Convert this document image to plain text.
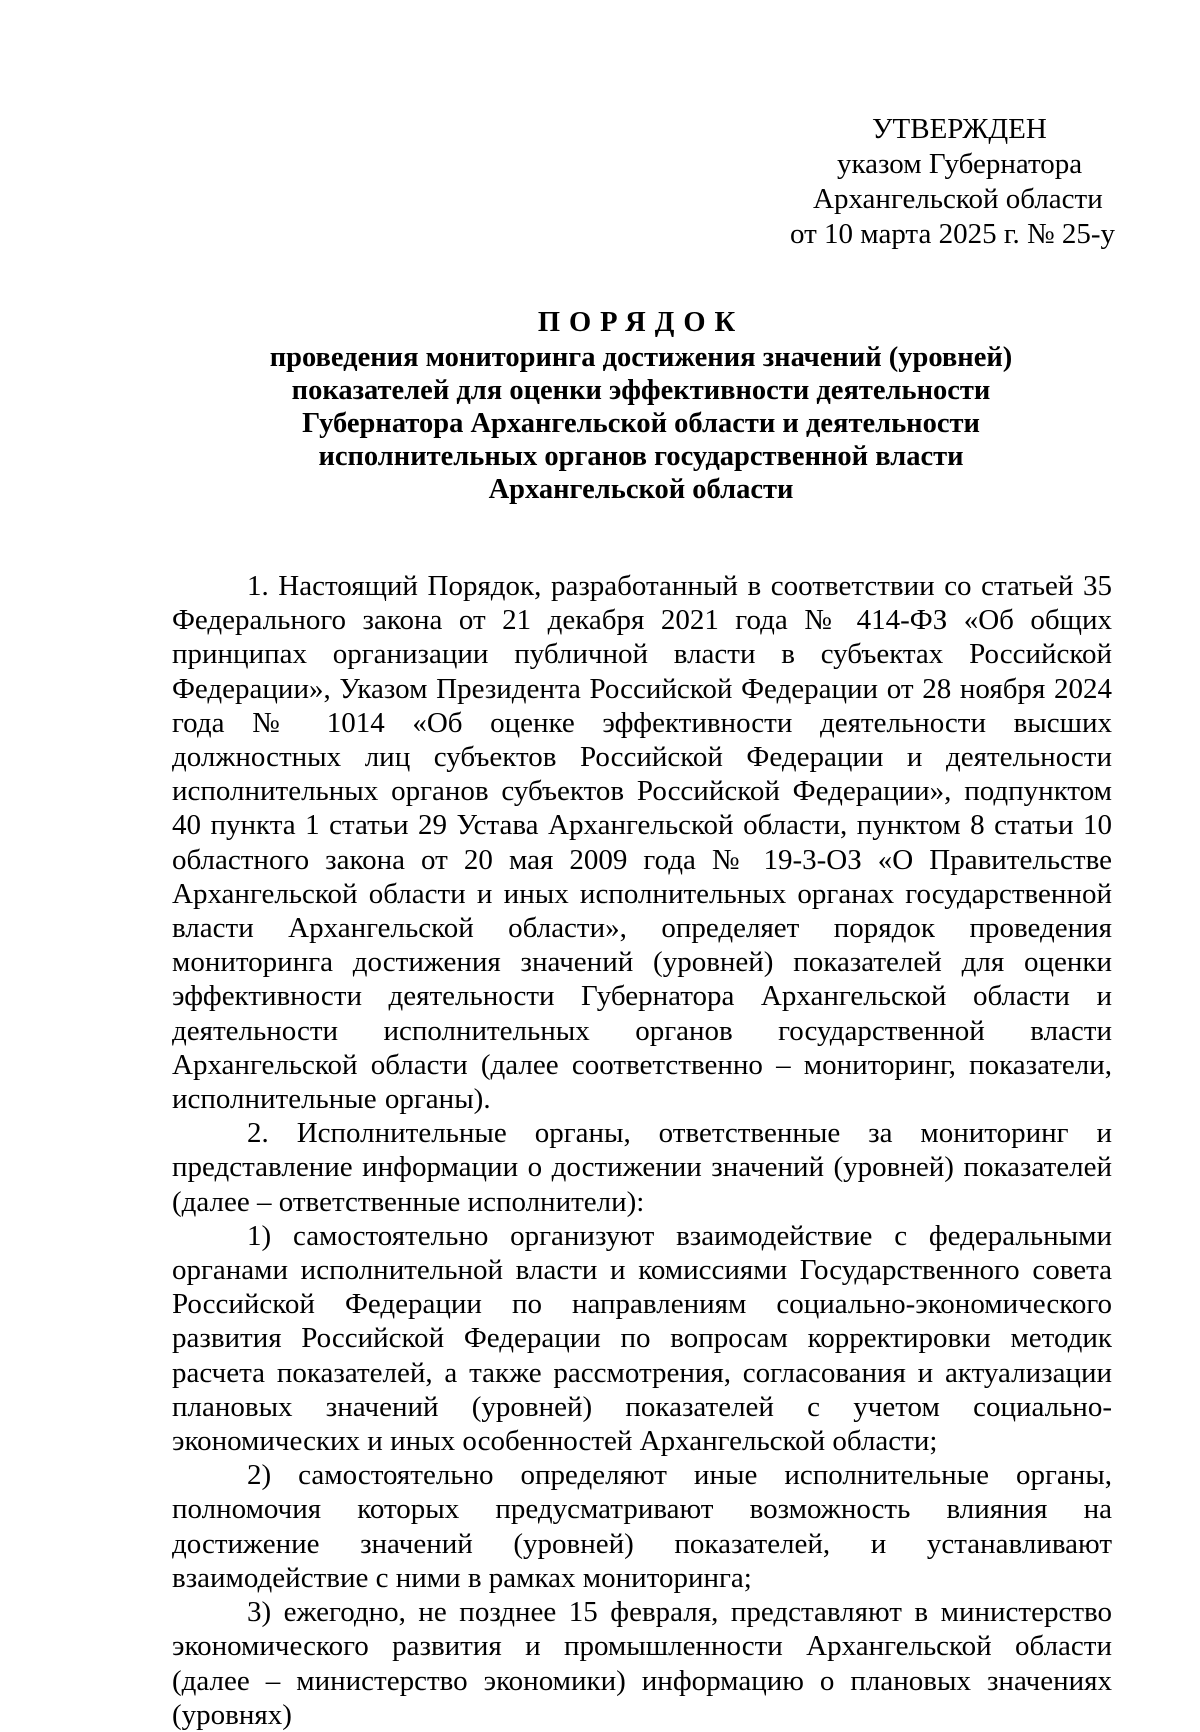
УТВЕРЖДЕН
указом Губернатора
Архангельской области
от 10 марта 2025 г. № 25-у
ПОРЯДОК
проведения мониторинга достижения значений (уровней)
показателей для оценки эффективности деятельности
Губернатора Архангельской области и деятельности
исполнительных органов государственной власти
Архангельской области

1. Настоящий Порядок, разработанный в соответствии со статьей 35 Федерального закона от 21 декабря 2021 года № 414-ФЗ «Об общих принципах организации публичной власти в субъектах Российской Федерации», Указом Президента Российской Федерации от 28 ноября 2024 года № 1014 «Об оценке эффективности деятельности высших должностных лиц субъектов Российской Федерации и деятельности исполнительных органов субъектов Российской Федерации», подпунктом 40 пункта 1 статьи 29 Устава Архангельской области, пунктом 8 статьи 10 областного закона от 20 мая 2009 года № 19-3-ОЗ «О Правительстве Архангельской области и иных исполнительных органах государственной власти Архангельской области», определяет порядок проведения мониторинга достижения значений (уровней) показателей для оценки эффективности деятельности Губернатора Архангельской области и деятельности исполнительных органов государственной власти Архангельской области (далее соответственно – мониторинг, показатели, исполнительные органы).

2. Исполнительные органы, ответственные за мониторинг и представление информации о достижении значений (уровней) показателей (далее – ответственные исполнители):

1) самостоятельно организуют взаимодействие с федеральными органами исполнительной власти и комиссиями Государственного совета Российской Федерации по направлениям социально-экономического развития Российской Федерации по вопросам корректировки методик расчета показателей, а также рассмотрения, согласования и актуализации плановых значений (уровней) показателей с учетом социально-экономических и иных особенностей Архангельской области;

2) самостоятельно определяют иные исполнительные органы, полномочия которых предусматривают возможность влияния на достижение значений (уровней) показателей, и устанавливают взаимодействие с ними в рамках мониторинга;

3) ежегодно, не позднее 15 февраля, представляют в министерство экономического развития и промышленности Архангельской области (далее – министерство экономики) информацию о плановых значениях (уровнях)
